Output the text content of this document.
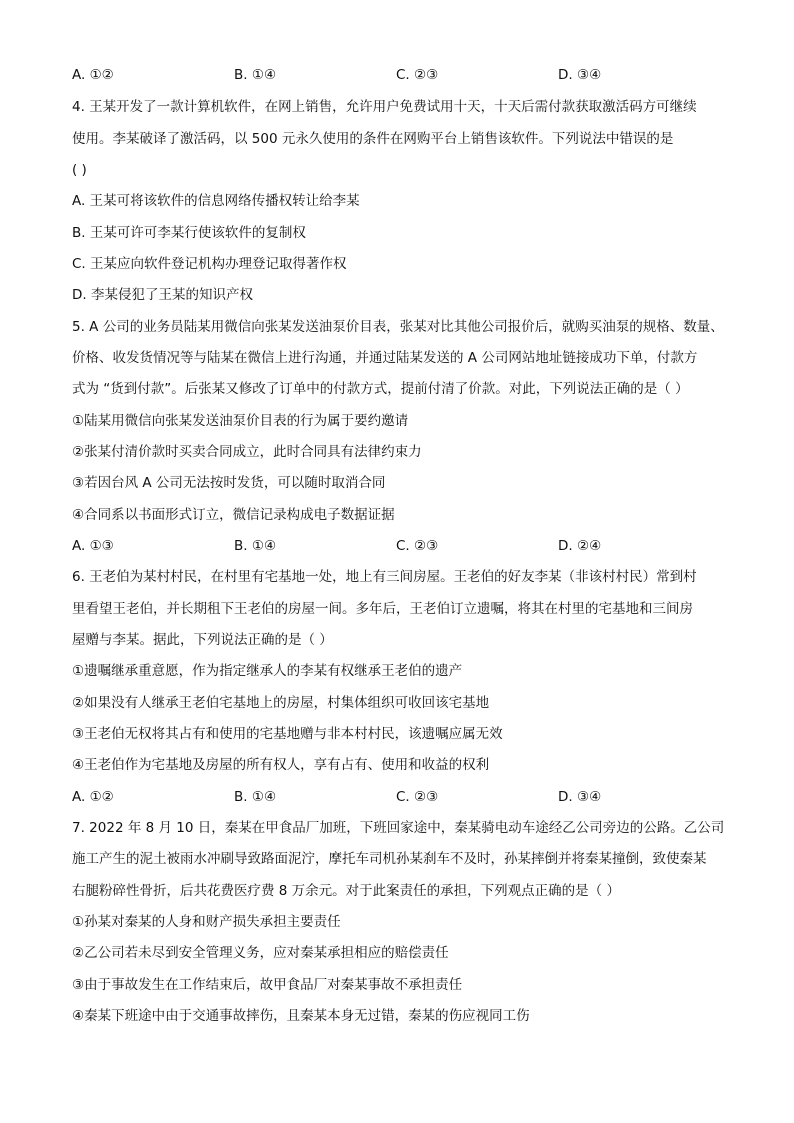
A. ①②	B. ①④	C. ②③	D. ③④
4. 王某开发了一款计算机软件，在网上销售，允许用户免费试用十天，十天后需付款获取激活码方可继续
使用。李某破译了激活码，以 500 元永久使用的条件在网购平台上销售该软件。下列说法中错误的是
( )
A. 王某可将该软件的信息网络传播权转让给李某
B. 王某可许可李某行使该软件的复制权
C. 王某应向软件登记机构办理登记取得著作权
D. 李某侵犯了王某的知识产权
5. A 公司的业务员陆某用微信向张某发送油泵价目表，张某对比其他公司报价后，就购买油泵的规格、数量、
价格、收发货情况等与陆某在微信上进行沟通，并通过陆某发送的 A 公司网站地址链接成功下单，付款方
式为 “货到付款”。后张某又修改了订单中的付款方式，提前付清了价款。对此，下列说法正确的是（ ）
①陆某用微信向张某发送油泵价目表的行为属于要约邀请
②张某付清价款时买卖合同成立，此时合同具有法律约束力
③若因台风 A 公司无法按时发货，可以随时取消合同
④合同系以书面形式订立，微信记录构成电子数据证据
A. ①③	B. ①④	C. ②③	D. ②④
6. 王老伯为某村村民，在村里有宅基地一处，地上有三间房屋。王老伯的好友李某（非该村村民）常到村
里看望王老伯，并长期租下王老伯的房屋一间。多年后，王老伯订立遗嘱，将其在村里的宅基地和三间房
屋赠与李某。据此，下列说法正确的是（ ）
①遗嘱继承重意愿，作为指定继承人的李某有权继承王老伯的遗产
②如果没有人继承王老伯宅基地上的房屋，村集体组织可收回该宅基地
③王老伯无权将其占有和使用的宅基地赠与非本村村民，该遗嘱应属无效
④王老伯作为宅基地及房屋的所有权人，享有占有、使用和收益的权利
A. ①②	B. ①④	C. ②③	D. ③④
7. 2022 年 8 月 10 日，秦某在甲食品厂加班，下班回家途中，秦某骑电动车途经乙公司旁边的公路。乙公司
施工产生的泥土被雨水冲刷导致路面泥泞，摩托车司机孙某刹车不及时，孙某摔倒并将秦某撞倒，致使秦某
右腿粉碎性骨折，后共花费医疗费 8 万余元。对于此案责任的承担，下列观点正确的是（ ）
①孙某对秦某的人身和财产损失承担主要责任
②乙公司若未尽到安全管理义务，应对秦某承担相应的赔偿责任
③由于事故发生在工作结束后，故甲食品厂对秦某事故不承担责任
④秦某下班途中由于交通事故摔伤，且秦某本身无过错，秦某的伤应视同工伤
